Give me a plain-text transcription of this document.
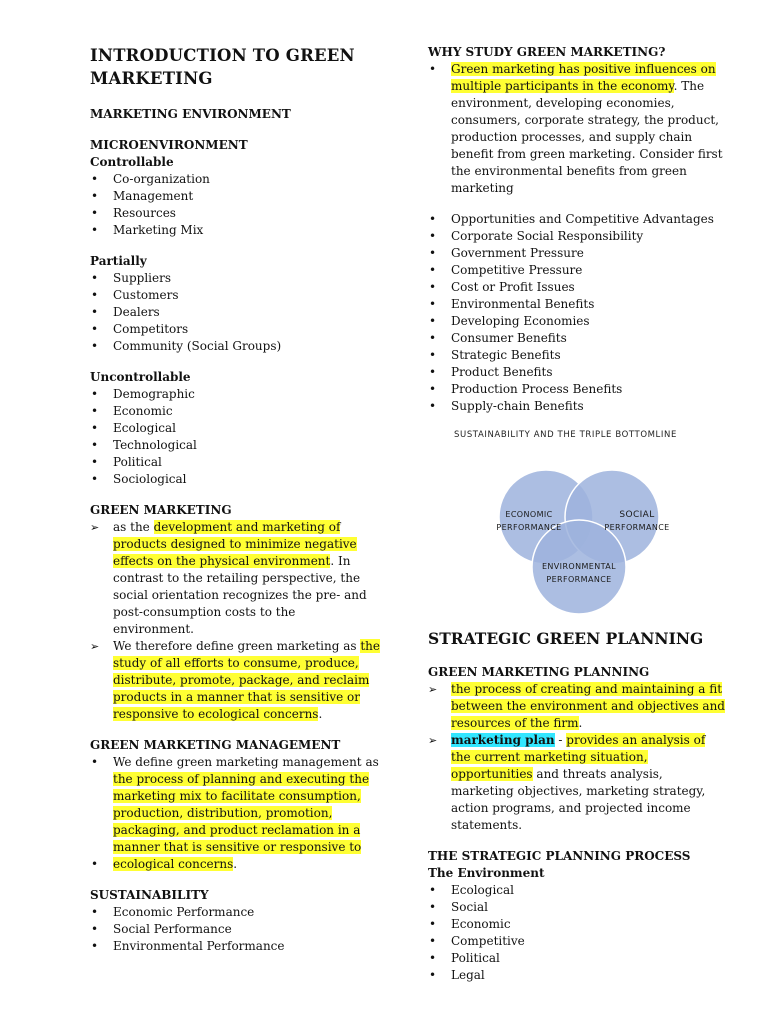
INTRODUCTION TO GREEN MARKETING

MARKETING ENVIRONMENT

MICROENVIRONMENT

Controllable

• Co-organization
• Management
• Resources
• Marketing Mix

Partially

• Suppliers
• Customers
• Dealers
• Competitors
• Community (Social Groups)

Uncontrollable

• Demographic
• Economic
• Ecological
• Technological
• Political
• Sociological

GREEN MARKETING

➢ as the development and marketing of products designed to minimize negative effects on the physical environment. In contrast to the retailing perspective, the social orientation recognizes the pre- and post-consumption costs to the environment.
➢ We therefore define green marketing as the study of all efforts to consume, produce, distribute, promote, package, and reclaim products in a manner that is sensitive or responsive to ecological concerns.

GREEN MARKETING MANAGEMENT

• We define green marketing management as the process of planning and executing the marketing mix to facilitate consumption, production, distribution, promotion, packaging, and product reclamation in a manner that is sensitive or responsive to
• ecological concerns.

SUSTAINABILITY

• Economic Performance
• Social Performance
• Environmental Performance

WHY STUDY GREEN MARKETING?

• Green marketing has positive influences on multiple participants in the economy. The environment, developing economies, consumers, corporate strategy, the product, production processes, and supply chain benefit from green marketing. Consider first the environmental benefits from green marketing
• Opportunities and Competitive Advantages
• Corporate Social Responsibility
• Government Pressure
• Competitive Pressure
• Cost or Profit Issues
• Environmental Benefits
• Developing Economies
• Consumer Benefits
• Strategic Benefits
• Product Benefits
• Production Process Benefits
• Supply-chain Benefits
SUSTAINABILITY AND THE TRIPLE BOTTOMLINE
ECONOMIC
PERFORMANCE
SOCIAL
PERFORMANCE
ENVIRONMENTAL
PERFORMANCE
STRATEGIC GREEN PLANNING

GREEN MARKETING PLANNING

➢ the process of creating and maintaining a fit between the environment and objectives and resources of the firm.
➢ marketing plan - provides an analysis of the current marketing situation, opportunities and threats analysis, marketing objectives, marketing strategy, action programs, and projected income statements.

THE STRATEGIC PLANNING PROCESS

The Environment

• Ecological
• Social
• Economic
• Competitive
• Political
• Legal
